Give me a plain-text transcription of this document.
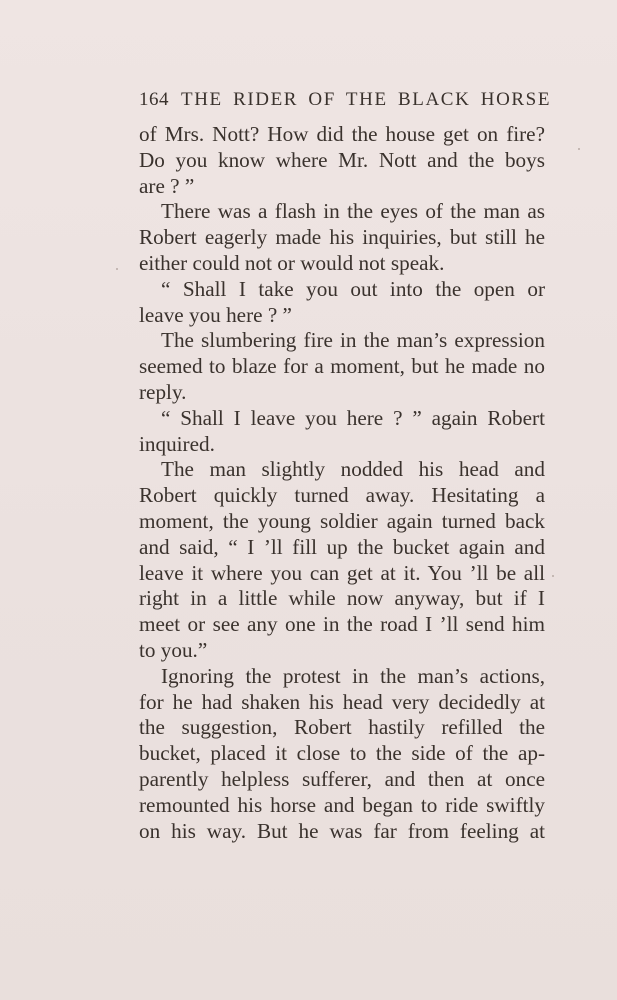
164 THE RIDER OF THE BLACK HORSE
of Mrs. Nott? How did the house get on fire?
Do you know where Mr. Nott and the boys
are ? ”
There was a flash in the eyes of the man as
Robert eagerly made his inquiries, but still he
either could not or would not speak.
“ Shall I take you out into the open or
leave you here ? ”
The slumbering fire in the man’s expression
seemed to blaze for a moment, but he made no
reply.
“ Shall I leave you here ? ” again Robert
inquired.
The man slightly nodded his head and
Robert quickly turned away. Hesitating a
moment, the young soldier again turned back
and said, “ I ’ll fill up the bucket again and
leave it where you can get at it. You ’ll be all
right in a little while now anyway, but if I
meet or see any one in the road I ’ll send him
to you.”
Ignoring the protest in the man’s actions,
for he had shaken his head very decidedly at
the suggestion, Robert hastily refilled the
bucket, placed it close to the side of the ap-
parently helpless sufferer, and then at once
remounted his horse and began to ride swiftly
on his way. But he was far from feeling at
